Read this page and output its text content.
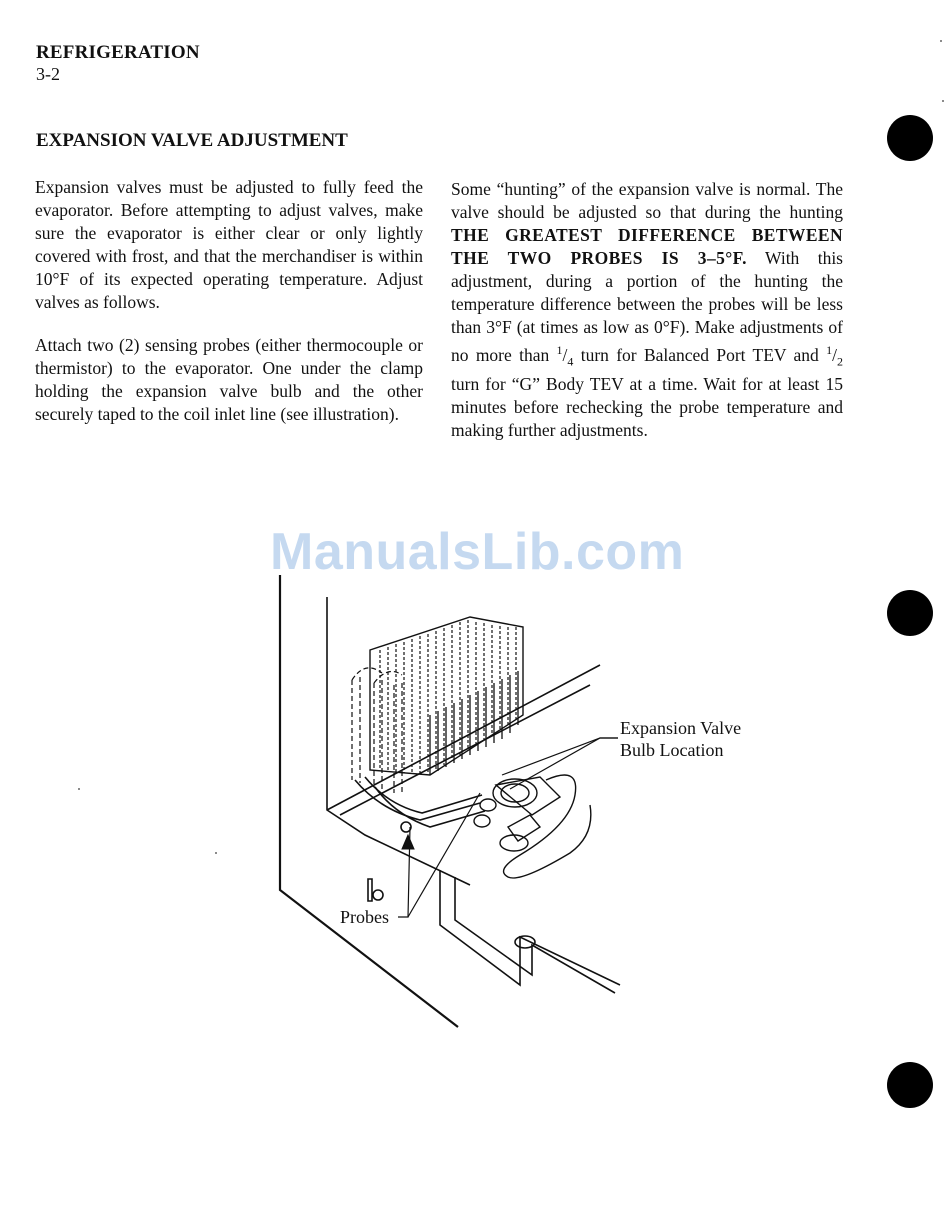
REFRIGERATION
3-2
EXPANSION VALVE ADJUSTMENT
Expansion valves must be adjusted to fully feed the evaporator. Before attempting to adjust valves, make sure the evaporator is either clear or only lightly covered with frost, and that the merchandiser is within 10°F of its expected operating temperature. Adjust valves as follows.
Attach two (2) sensing probes (either thermocouple or thermistor) to the evaporator. One under the clamp holding the expansion valve bulb and the other securely taped to the coil inlet line (see illustration).
Some “hunting” of the expansion valve is normal. The valve should be adjusted so that during the hunting THE GREATEST DIFFERENCE BETWEEN THE TWO PROBES IS 3–5°F. With this adjustment, during a portion of the hunting the temperature difference between the probes will be less than 3°F (at times as low as 0°F). Make adjustments of no more than $^1/_4$ turn for Balanced Port TEV and $^1/_2$ turn for “G” Body TEV at a time. Wait for at least 15 minutes before rechecking the probe temperature and making further adjustments.
Expansion Valve
Bulb Location
Probes
ManualsLib.com
